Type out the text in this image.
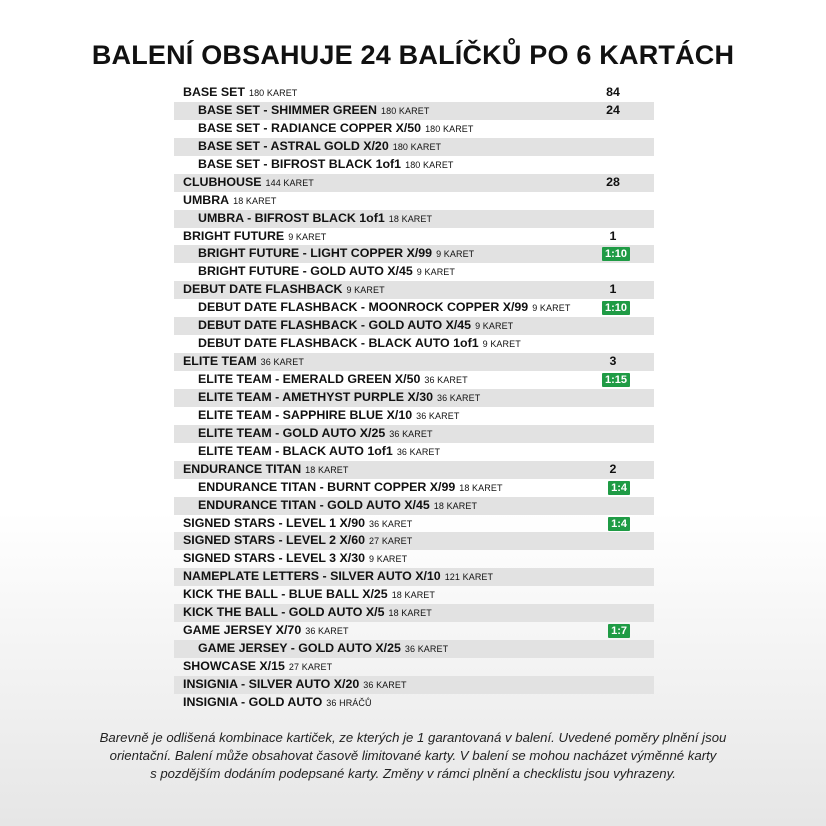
BALENÍ OBSAHUJE 24 BALÍČKŮ PO 6 KARTÁCH
BASE SET 180 KARET	84
BASE SET - SHIMMER GREEN 180 KARET	24
BASE SET - RADIANCE COPPER X/50 180 KARET
BASE SET - ASTRAL GOLD X/20 180 KARET
BASE SET - BIFROST BLACK 1of1 180 KARET
CLUBHOUSE 144 KARET	28
UMBRA 18 KARET
UMBRA - BIFROST BLACK 1of1 18 KARET
BRIGHT FUTURE 9 KARET	1
BRIGHT FUTURE - LIGHT COPPER X/99 9 KARET	1:10
BRIGHT FUTURE - GOLD AUTO X/45 9 KARET
DEBUT DATE FLASHBACK 9 KARET	1
DEBUT DATE FLASHBACK - MOONROCK COPPER X/99 9 KARET	1:10
DEBUT DATE FLASHBACK - GOLD AUTO X/45 9 KARET
DEBUT DATE FLASHBACK - BLACK AUTO 1of1 9 KARET
ELITE TEAM 36 KARET	3
ELITE TEAM - EMERALD GREEN X/50 36 KARET	1:15
ELITE TEAM - AMETHYST PURPLE X/30 36 KARET
ELITE TEAM - SAPPHIRE BLUE X/10 36 KARET
ELITE TEAM - GOLD AUTO X/25 36 KARET
ELITE TEAM - BLACK AUTO 1of1 36 KARET
ENDURANCE TITAN 18 KARET	2
ENDURANCE TITAN - BURNT COPPER X/99 18 KARET	1:4
ENDURANCE TITAN - GOLD AUTO X/45 18 KARET
SIGNED STARS - LEVEL 1 X/90 36 KARET	1:4
SIGNED STARS - LEVEL 2 X/60 27 KARET
SIGNED STARS - LEVEL 3 X/30 9 KARET
NAMEPLATE LETTERS - SILVER AUTO X/10 121 KARET
KICK THE BALL - BLUE BALL X/25 18 KARET
KICK THE BALL - GOLD AUTO X/5 18 KARET
GAME JERSEY X/70 36 KARET	1:7
GAME JERSEY - GOLD AUTO X/25 36 KARET
SHOWCASE X/15 27 KARET
INSIGNIA - SILVER AUTO X/20 36 KARET
INSIGNIA - GOLD AUTO 36 HRÁČŮ
Barevně je odlišená kombinace kartiček, ze kterých je 1 garantovaná v balení. Uvedené poměry plnění jsou
orientační. Balení může obsahovat časově limitované karty. V balení se mohou nacházet výměnné karty
s pozdějším dodáním podepsané karty. Změny v rámci plnění a checklistu jsou vyhrazeny.
